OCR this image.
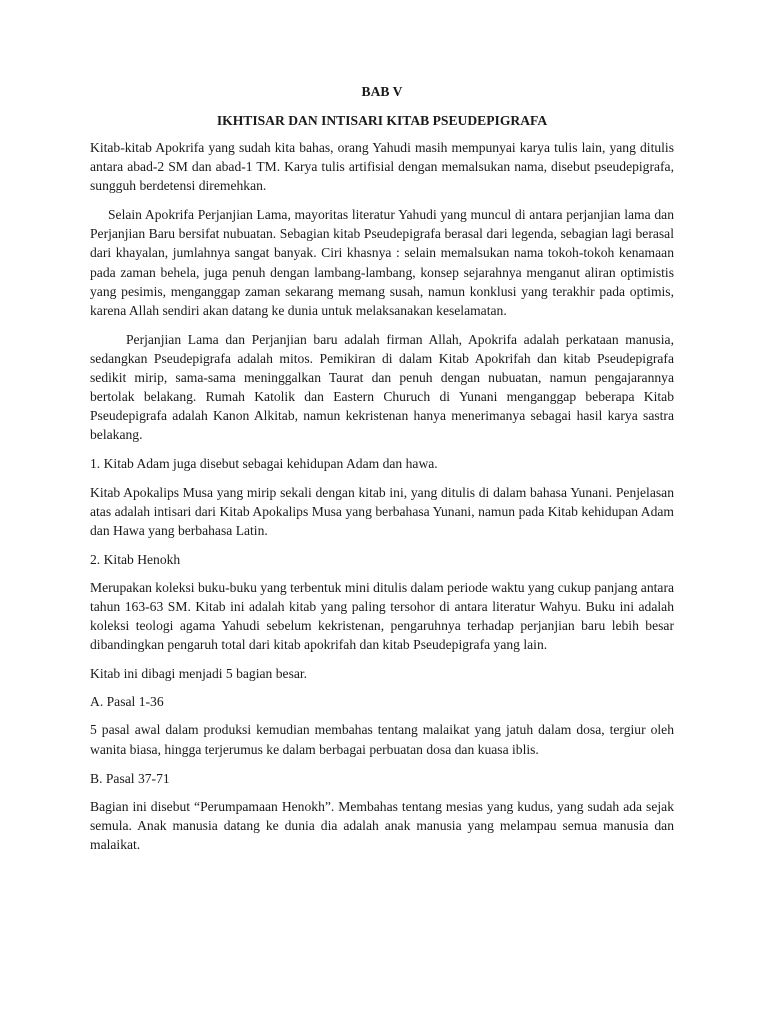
BAB V
IKHTISAR DAN INTISARI KITAB PSEUDEPIGRAFA

Kitab-kitab Apokrifa yang sudah kita bahas, orang Yahudi masih mempunyai karya tulis lain, yang ditulis antara abad-2 SM dan abad-1 TM. Karya tulis artifisial dengan memalsukan nama, disebut pseudepigrafa, sungguh berdetensi diremehkan.

Selain Apokrifa Perjanjian Lama, mayoritas literatur Yahudi yang muncul di antara perjanjian lama dan Perjanjian Baru bersifat nubuatan. Sebagian kitab Pseudepigrafa berasal dari legenda, sebagian lagi berasal dari khayalan, jumlahnya sangat banyak. Ciri khasnya : selain memalsukan nama tokoh-tokoh kenamaan pada zaman behela, juga penuh dengan lambang-lambang, konsep sejarahnya menganut aliran optimistis yang pesimis, menganggap zaman sekarang memang susah, namun konklusi yang terakhir pada optimis, karena Allah sendiri akan datang ke dunia untuk melaksanakan keselamatan.

Perjanjian Lama dan Perjanjian baru adalah firman Allah, Apokrifa adalah perkataan manusia, sedangkan Pseudepigrafa adalah mitos. Pemikiran di dalam Kitab Apokrifah dan kitab Pseudepigrafa sedikit mirip, sama-sama meninggalkan Taurat dan penuh dengan nubuatan, namun pengajarannya bertolak belakang. Rumah Katolik dan Eastern Churuch di Yunani menganggap beberapa Kitab Pseudepigrafa adalah Kanon Alkitab, namun kekristenan hanya menerimanya sebagai hasil karya sastra belakang.

1. Kitab Adam juga disebut sebagai kehidupan Adam dan hawa.

Kitab Apokalips Musa yang mirip sekali dengan kitab ini, yang ditulis di dalam bahasa Yunani. Penjelasan atas adalah intisari dari Kitab Apokalips Musa yang berbahasa Yunani, namun pada Kitab kehidupan Adam dan Hawa yang berbahasa Latin.

2. Kitab Henokh

Merupakan koleksi buku-buku yang terbentuk mini ditulis dalam periode waktu yang cukup panjang antara tahun 163-63 SM. Kitab ini adalah kitab yang paling tersohor di antara literatur Wahyu. Buku ini adalah koleksi teologi agama Yahudi sebelum kekristenan, pengaruhnya terhadap perjanjian baru lebih besar dibandingkan pengaruh total dari kitab apokrifah dan kitab Pseudepigrafa yang lain.

Kitab ini dibagi menjadi 5 bagian besar.

A. Pasal 1-36

5 pasal awal dalam produksi kemudian membahas tentang malaikat yang jatuh dalam dosa, tergiur oleh wanita biasa, hingga terjerumus ke dalam berbagai perbuatan dosa dan kuasa iblis.

B. Pasal 37-71

Bagian ini disebut “Perumpamaan Henokh”. Membahas tentang mesias yang kudus, yang sudah ada sejak semula. Anak manusia datang ke dunia dia adalah anak manusia yang melampau semua manusia dan malaikat.
